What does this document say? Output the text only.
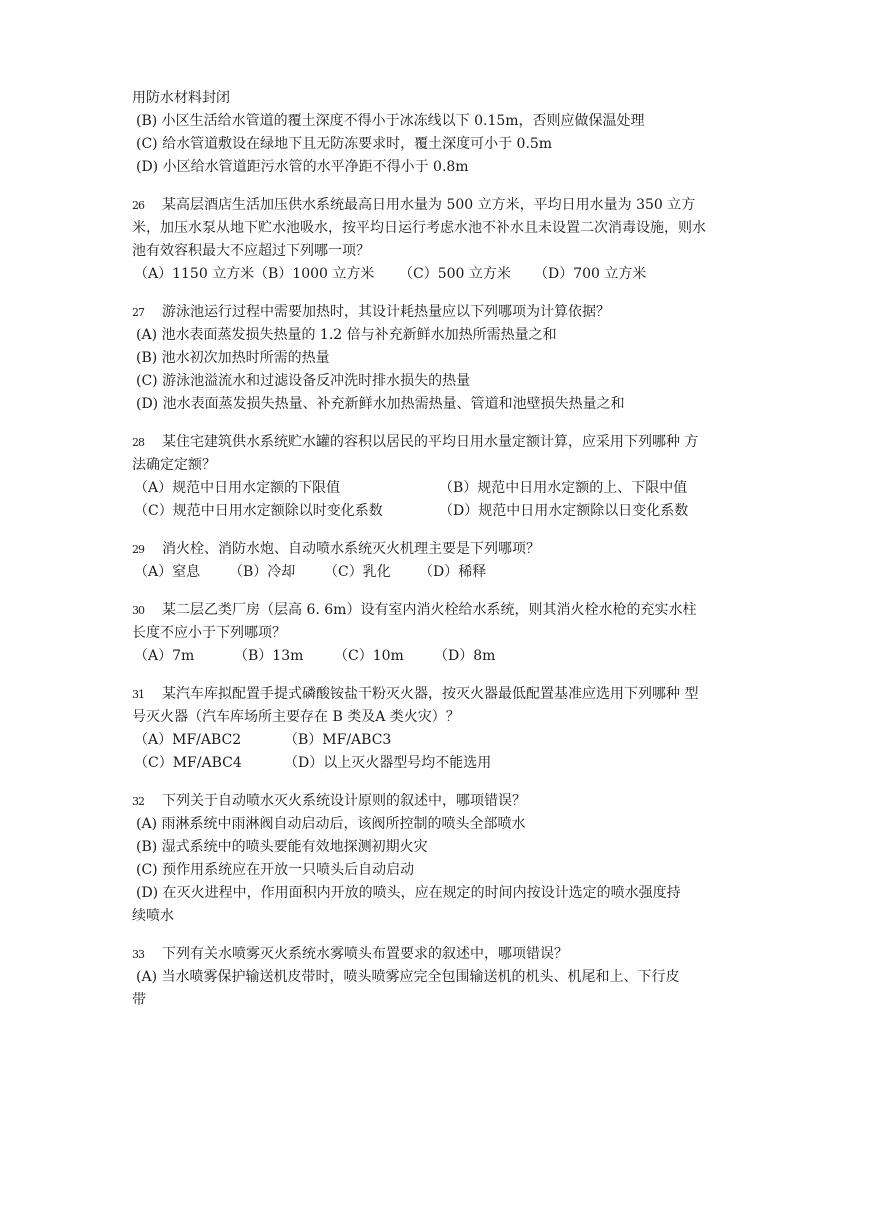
用防水材料封闭
(B) 小区生活给水管道的覆土深度不得小于冰冻线以下 0.15m，否则应做保温处理
(C) 给水管道敷设在绿地下且无防冻要求时，覆土深度可小于 0.5m
(D) 小区给水管道距污水管的水平净距不得小于 0.8m
26 某高层酒店生活加压供水系统最高日用水量为 500 立方米，平均日用水量为 350 立方
米，加压水泵从地下贮水池吸水，按平均日运行考虑水池不补水且未设置二次消毒设施，则水
池有效容积最大不应超过下列哪一项？
（A）1150 立方米（B）1000 立方米 （C）500 立方米 （D）700 立方米
27 游泳池运行过程中需要加热时，其设计耗热量应以下列哪项为计算依据？
(A) 池水表面蒸发损失热量的 1.2 倍与补充新鲜水加热所需热量之和
(B) 池水初次加热时所需的热量
(C) 游泳池溢流水和过滤设备反冲洗时排水损失的热量
(D) 池水表面蒸发损失热量、补充新鲜水加热需热量、管道和池壁损失热量之和
28 某住宅建筑供水系统贮水罐的容积以居民的平均日用水量定额计算，应采用下列哪种 方
法确定定额？
（A）规范中日用水定额的下限值	（B）规范中日用水定额的上、下限中值
（C）规范中日用水定额除以时变化系数	（D）规范中日用水定额除以日变化系数
29 消火栓、消防水炮、自动喷水系统灭火机理主要是下列哪项？
（A）窒息 （B）冷却 （C）乳化 （D）稀释
30 某二层乙类厂房（层高 6. 6m）设有室内消火栓给水系统，则其消火栓水枪的充实水柱
长度不应小于下列哪项？
（A）7m	（B）13m （C）10m （D）8m
31 某汽车库拟配置手提式磷酸铵盐干粉灭火器，按灭火器最低配置基准应选用下列哪种 型
号灭火器（汽车库场所主要存在 B 类及A 类火灾）？
（A）MF/ABC2	（B）MF/ABC3
（C）MF/ABC4	（D）以上灭火器型号均不能选用
32 下列关于自动喷水灭火系统设计原则的叙述中，哪项错误？
(A) 雨淋系统中雨淋阀自动启动后，该阀所控制的喷头全部喷水
(B) 湿式系统中的喷头要能有效地探测初期火灾
(C) 预作用系统应在开放一只喷头后自动启动
(D) 在灭火进程中，作用面积内开放的喷头，应在规定的时间内按设计选定的喷水强度持
续喷水
33 下列有关水喷雾灭火系统水雾喷头布置要求的叙述中，哪项错误？
(A) 当水喷雾保护输送机皮带时，喷头喷雾应完全包围输送机的机头、机尾和上、下行皮
带
